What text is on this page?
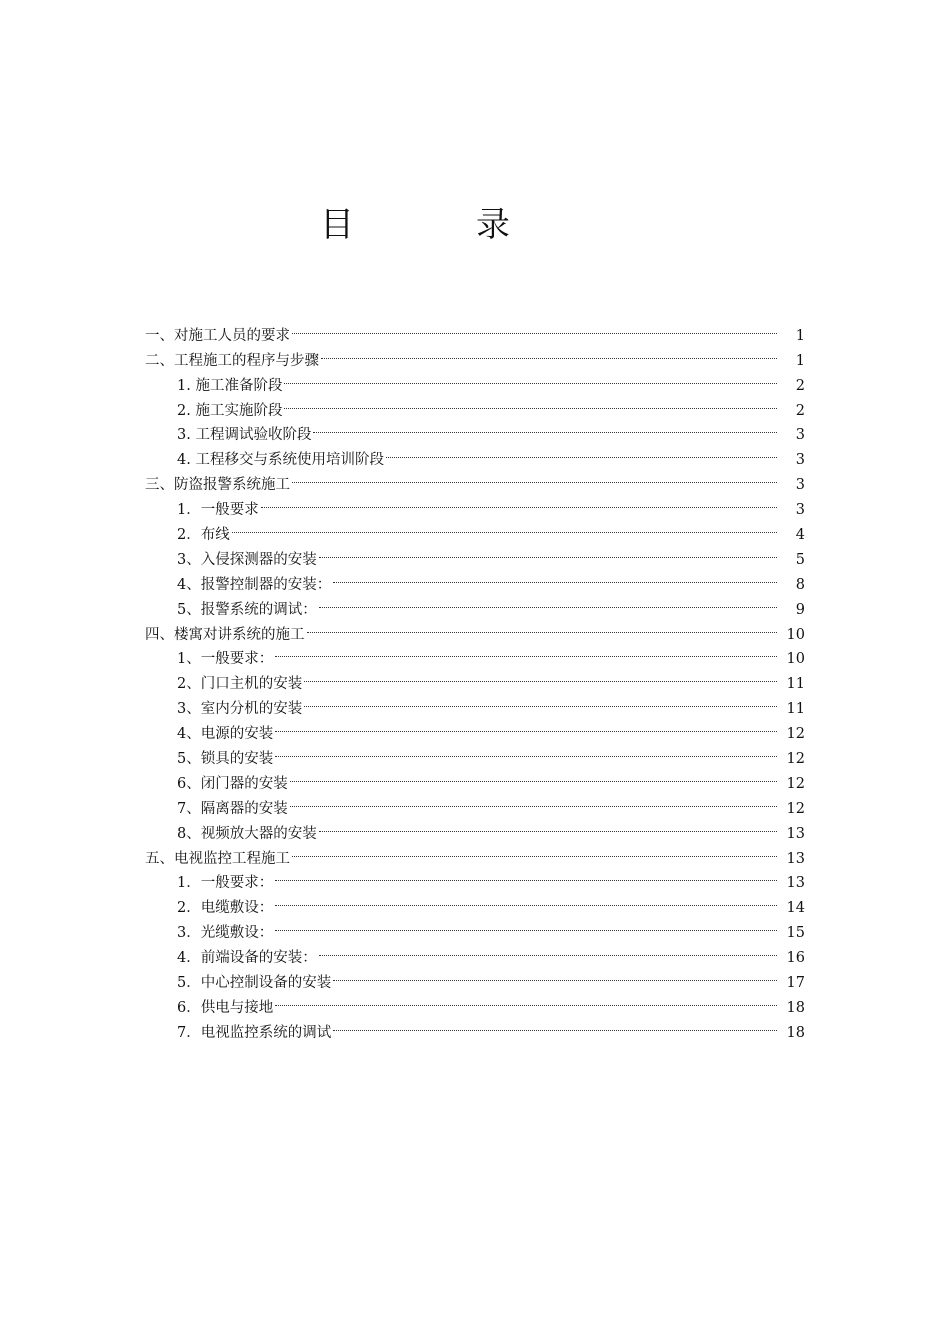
目	录
一、对施工人员的要求	1
二、工程施工的程序与步骤	1
1. 施工准备阶段	2
2. 施工实施阶段	2
3. 工程调试验收阶段	3
4. 工程移交与系统使用培训阶段	3
三、防盗报警系统施工	3
1．一般要求	3
2．布线	4
3、入侵探测器的安装	5
4、报警控制器的安装：	8
5、报警系统的调试：	9
四、楼寓对讲系统的施工	10
1、一般要求：	10
2、门口主机的安装	11
3、室内分机的安装	11
4、电源的安装	12
5、锁具的安装	12
6、闭门器的安装	12
7、隔离器的安装	12
8、视频放大器的安装	13
五、电视监控工程施工	13
1．一般要求：	13
2．电缆敷设：	14
3．光缆敷设：	15
4．前端设备的安装：	16
5．中心控制设备的安装	17
6．供电与接地	18
7．电视监控系统的调试	18
